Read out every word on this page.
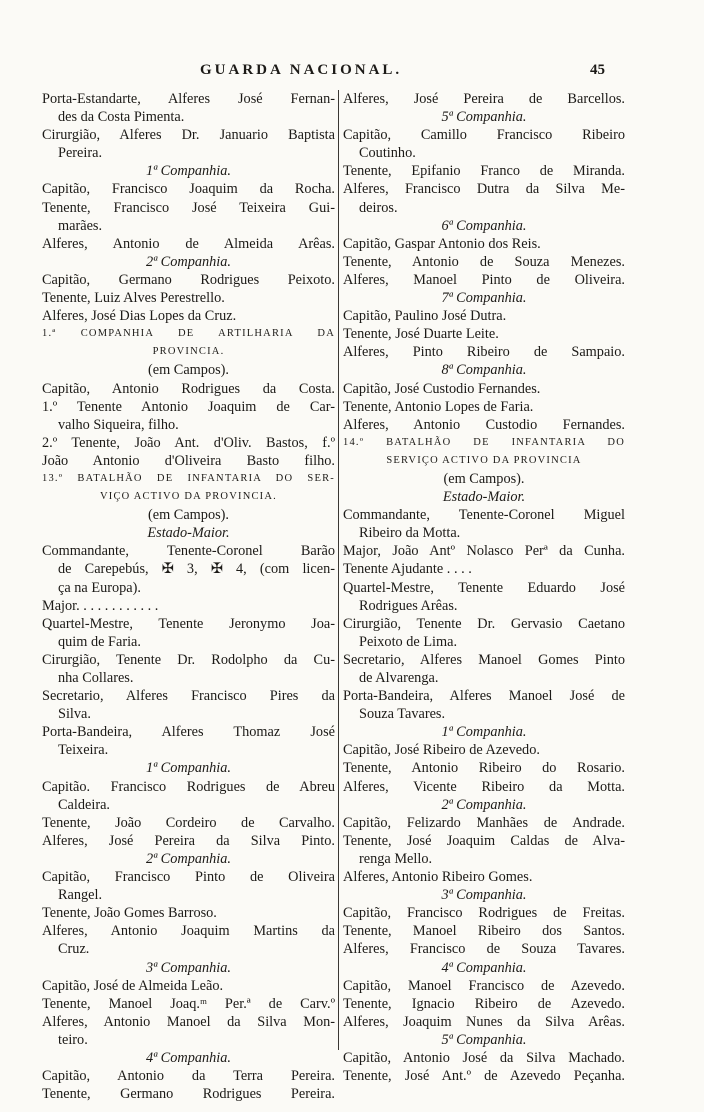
GUARDA NACIONAL.	45
Porta-Estandarte, Alferes José Fernan-
des da Costa Pimenta.
Cirurgião, Alferes Dr. Januario Baptista
Pereira.
1ª Companhia.
Capitão, Francisco Joaquim da Rocha.
Tenente, Francisco José Teixeira Gui-
marães.
Alferes, Antonio de Almeida Arêas.
2ª Companhia.
Capitão, Germano Rodrigues Peixoto.
Tenente, Luiz Alves Perestrello.
Alferes, José Dias Lopes da Cruz.
1.ª COMPANHIA DE ARTILHARIA DA
PROVINCIA.
(em Campos).
Capitão, Antonio Rodrigues da Costa.
1.º Tenente Antonio Joaquim de Car-
valho Siqueira, filho.
2.º Tenente, João Ant. d'Oliv. Bastos, f.º
João Antonio d'Oliveira Basto filho.
13.º BATALHÃO DE INFANTARIA DO SER-
VIÇO ACTIVO DA PROVINCIA.
(em Campos).
Estado-Maior.
Commandante, Tenente-Coronel Barão
de Carepebús, ✠ 3, ✠ 4, (com licen-
ça na Europa).
Major. . . . . . . . . . . .
Quartel-Mestre, Tenente Jeronymo Joa-
quim de Faria.
Cirurgião, Tenente Dr. Rodolpho da Cu-
nha Collares.
Secretario, Alferes Francisco Pires da
Silva.
Porta-Bandeira, Alferes Thomaz José
Teixeira.
1ª Companhia.
Capitão. Francisco Rodrigues de Abreu
Caldeira.
Tenente, João Cordeiro de Carvalho.
Alferes, José Pereira da Silva Pinto.
2ª Companhia.
Capitão, Francisco Pinto de Oliveira
Rangel.
Tenente, João Gomes Barroso.
Alferes, Antonio Joaquim Martins da
Cruz.
3ª Companhia.
Capitão, José de Almeida Leão.
Tenente, Manoel Joaq.ᵐ Per.ª de Carv.º
Alferes, Antonio Manoel da Silva Mon-
teiro.
4ª Companhia.
Capitão, Antonio da Terra Pereira.
Tenente, Germano Rodrigues Pereira.
Alferes, José Pereira de Barcellos.
5ª Companhia.
Capitão, Camillo Francisco Ribeiro
Coutinho.
Tenente, Epifanio Franco de Miranda.
Alferes, Francisco Dutra da Silva Me-
deiros.
6ª Companhia.
Capitão, Gaspar Antonio dos Reis.
Tenente, Antonio de Souza Menezes.
Alferes, Manoel Pinto de Oliveira.
7ª Companhia.
Capitão, Paulino José Dutra.
Tenente, José Duarte Leite.
Alferes, Pinto Ribeiro de Sampaio.
8ª Companhia.
Capitão, José Custodio Fernandes.
Tenente, Antonio Lopes de Faria.
Alferes, Antonio Custodio Fernandes.
14.º BATALHÃO DE INFANTARIA DO
SERVIÇO ACTIVO DA PROVINCIA
(em Campos).
Estado-Maior.
Commandante, Tenente-Coronel Miguel
Ribeiro da Motta.
Major, João Antº Nolasco Perª da Cunha.
Tenente Ajudante . . . .
Quartel-Mestre, Tenente Eduardo José
Rodrigues Arêas.
Cirurgião, Tenente Dr. Gervasio Caetano
Peixoto de Lima.
Secretario, Alferes Manoel Gomes Pinto
de Alvarenga.
Porta-Bandeira, Alferes Manoel José de
Souza Tavares.
1ª Companhia.
Capitão, José Ribeiro de Azevedo.
Tenente, Antonio Ribeiro do Rosario.
Alferes, Vicente Ribeiro da Motta.
2ª Companhia.
Capitão, Felizardo Manhães de Andrade.
Tenente, José Joaquim Caldas de Alva-
renga Mello.
Alferes, Antonio Ribeiro Gomes.
3ª Companhia.
Capitão, Francisco Rodrigues de Freitas.
Tenente, Manoel Ribeiro dos Santos.
Alferes, Francisco de Souza Tavares.
4ª Companhia.
Capitão, Manoel Francisco de Azevedo.
Tenente, Ignacio Ribeiro de Azevedo.
Alferes, Joaquim Nunes da Silva Arêas.
5ª Companhia.
Capitão, Antonio José da Silva Machado.
Tenente, José Ant.º de Azevedo Peçanha.
